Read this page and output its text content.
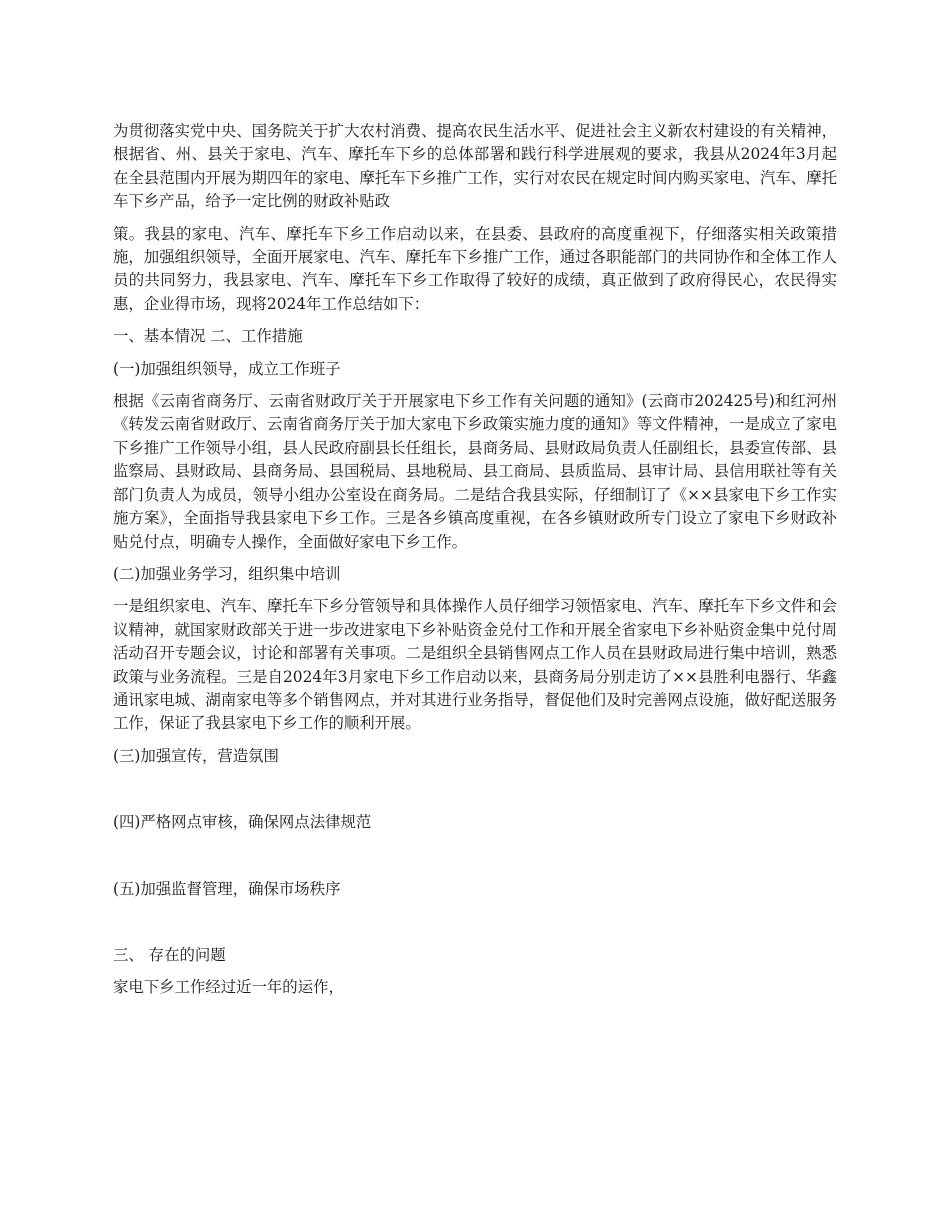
为贯彻落实党中央、国务院关于扩大农村消费、提高农民生活水平、促进社会主义新农村建设的有关精神，根据省、州、县关于家电、汽车、摩托车下乡的总体部署和践行科学进展观的要求，我县从2024年3月起在全县范围内开展为期四年的家电、摩托车下乡推广工作，实行对农民在规定时间内购买家电、汽车、摩托车下乡产品，给予一定比例的财政补贴政

策。我县的家电、汽车、摩托车下乡工作启动以来，在县委、县政府的高度重视下，仔细落实相关政策措施，加强组织领导，全面开展家电、汽车、摩托车下乡推广工作，通过各职能部门的共同协作和全体工作人员的共同努力，我县家电、汽车、摩托车下乡工作取得了较好的成绩，真正做到了政府得民心，农民得实惠，企业得市场，现将2024年工作总结如下：

一、基本情况 二、工作措施

(一)加强组织领导，成立工作班子

根据《云南省商务厅、云南省财政厅关于开展家电下乡工作有关问题的通知》(云商市202425号)和红河州《转发云南省财政厅、云南省商务厅关于加大家电下乡政策实施力度的通知》等文件精神，一是成立了家电下乡推广工作领导小组，县人民政府副县长任组长，县商务局、县财政局负责人任副组长，县委宣传部、县监察局、县财政局、县商务局、县国税局、县地税局、县工商局、县质监局、县审计局、县信用联社等有关部门负责人为成员，领导小组办公室设在商务局。二是结合我县实际，仔细制订了《××县家电下乡工作实施方案》，全面指导我县家电下乡工作。三是各乡镇高度重视，在各乡镇财政所专门设立了家电下乡财政补贴兑付点，明确专人操作，全面做好家电下乡工作。

(二)加强业务学习，组织集中培训

一是组织家电、汽车、摩托车下乡分管领导和具体操作人员仔细学习领悟家电、汽车、摩托车下乡文件和会议精神，就国家财政部关于进一步改进家电下乡补贴资金兑付工作和开展全省家电下乡补贴资金集中兑付周活动召开专题会议，讨论和部署有关事项。二是组织全县销售网点工作人员在县财政局进行集中培训，熟悉政策与业务流程。三是自2024年3月家电下乡工作启动以来，县商务局分别走访了××县胜利电器行、华鑫通讯家电城、湖南家电等多个销售网点，并对其进行业务指导，督促他们及时完善网点设施，做好配送服务工作，保证了我县家电下乡工作的顺利开展。

(三)加强宣传，营造氛围

(四)严格网点审核，确保网点法律规范

(五)加强监督管理，确保市场秩序

三、 存在的问题

家电下乡工作经过近一年的运作，
